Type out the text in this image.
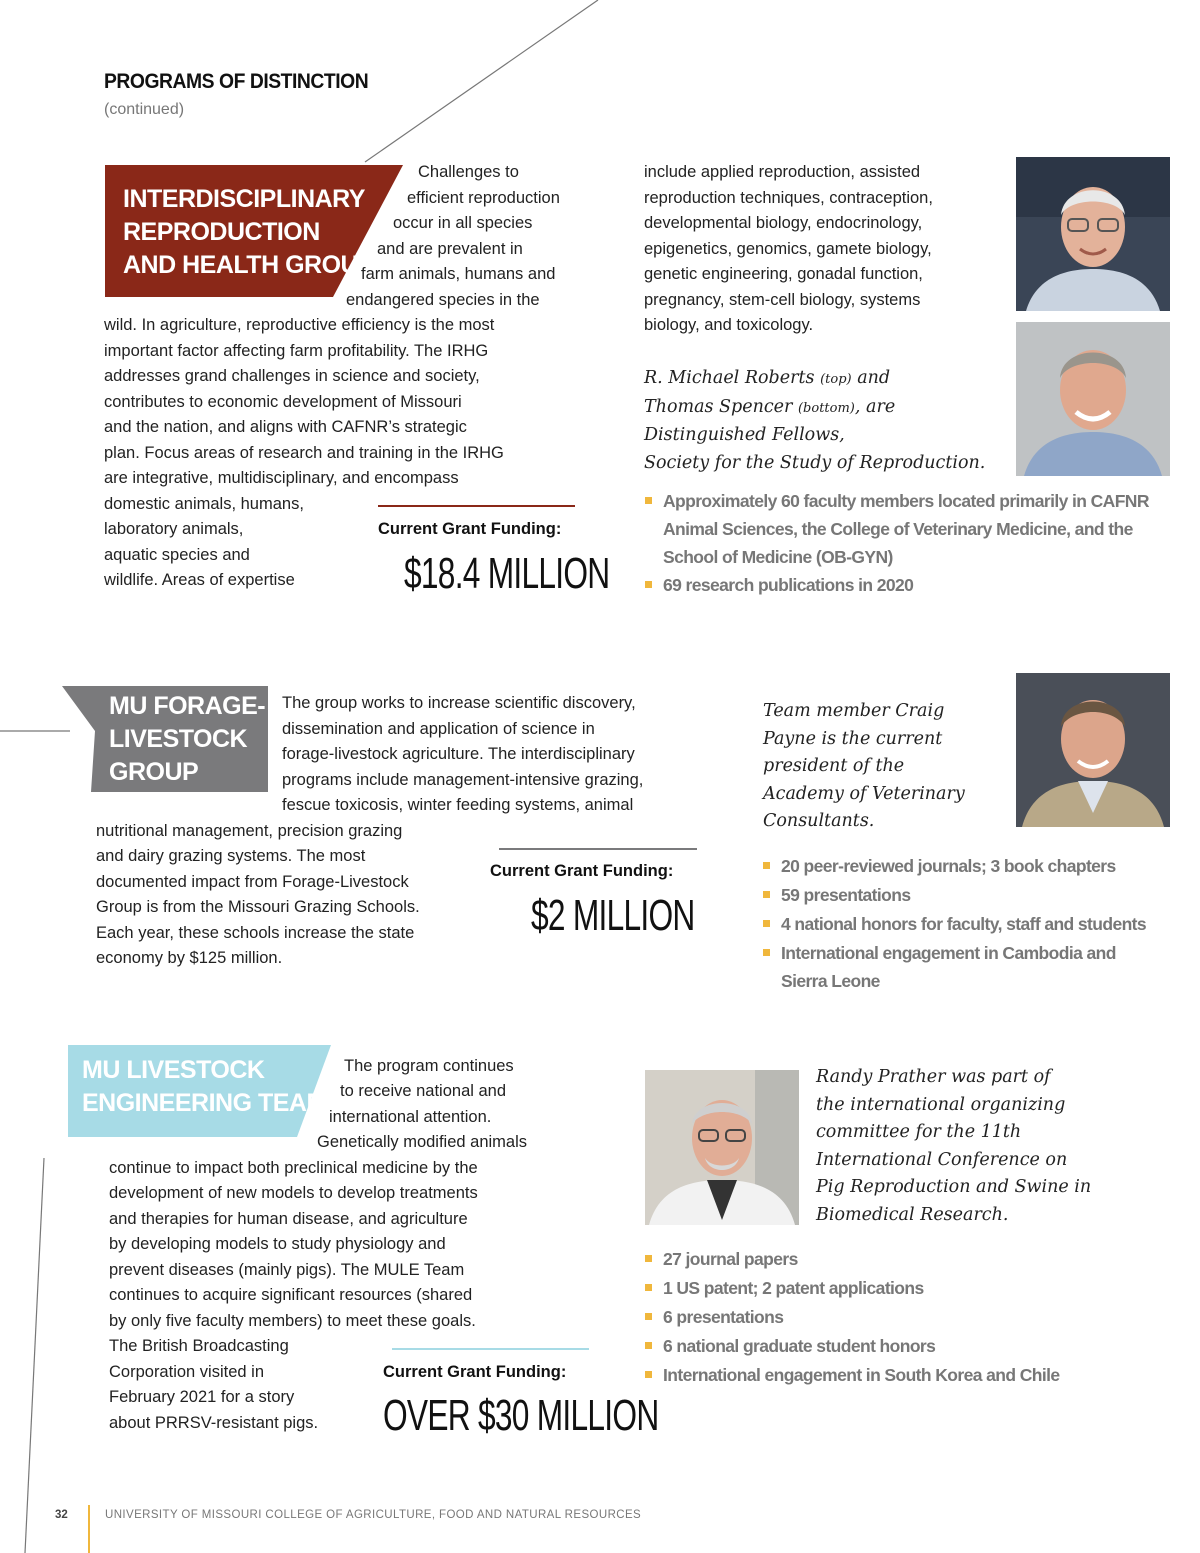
PROGRAMS OF DISTINCTION
(continued)
INTERDISCIPLINARY
REPRODUCTION
AND HEALTH GROUP
Challenges to
efficient reproduction
occur in all species
and are prevalent in
farm animals, humans and
endangered species in the
wild. In agriculture, reproductive efficiency is the most
important factor affecting farm profitability. The IRHG
addresses grand challenges in science and society,
contributes to economic development of Missouri
and the nation, and aligns with CAFNR’s strategic
plan. Focus areas of research and training in the IRHG
are integrative, multidisciplinary, and encompass
domestic animals, humans,
laboratory animals,
aquatic species and
wildlife. Areas of expertise
Current Grant Funding:
$18.4 MILLION
include applied reproduction, assisted
reproduction techniques, contraception,
developmental biology, endocrinology,
epigenetics, genomics, gamete biology,
genetic engineering, gonadal function,
pregnancy, stem-cell biology, systems
biology, and toxicology.
R. Michael Roberts (top) and
Thomas Spencer (bottom), are
Distinguished Fellows,
Society for the Study of Reproduction.
Approximately 60 faculty members located primarily in CAFNR
Animal Sciences, the College of Veterinary Medicine, and the
School of Medicine (OB-GYN)
69 research publications in 2020
MU FORAGE-
LIVESTOCK
GROUP
The group works to increase scientific discovery,
dissemination and application of science in
forage-livestock agriculture. The interdisciplinary
programs include management-intensive grazing,
fescue toxicosis, winter feeding systems, animal
nutritional management, precision grazing
and dairy grazing systems. The most
documented impact from Forage-Livestock
Group is from the Missouri Grazing Schools.
Each year, these schools increase the state
economy by $125 million.
Current Grant Funding:
$2 MILLION
Team member Craig
Payne is the current
president of the
Academy of Veterinary
Consultants.
20 peer-reviewed journals; 3 book chapters
59 presentations
4 national honors for faculty, staff and students
International engagement in Cambodia and
Sierra Leone
MU LIVESTOCK
ENGINEERING TEAM
The program continues
to receive national and
international attention.
Genetically modified animals
continue to impact both preclinical medicine by the
development of new models to develop treatments
and therapies for human disease, and agriculture
by developing models to study physiology and
prevent diseases (mainly pigs). The MULE Team
continues to acquire significant resources (shared
by only five faculty members) to meet these goals.
The British Broadcasting
Corporation visited in
February 2021 for a story
about PRRSV-resistant pigs.
Current Grant Funding:
OVER $30 MILLION
Randy Prather was part of
the international organizing
committee for the 11th
International Conference on
Pig Reproduction and Swine in
Biomedical Research.
27 journal papers
1 US patent; 2 patent applications
6 presentations
6 national graduate student honors
International engagement in South Korea and Chile
32	UNIVERSITY OF MISSOURI COLLEGE OF AGRICULTURE, FOOD AND NATURAL RESOURCES
